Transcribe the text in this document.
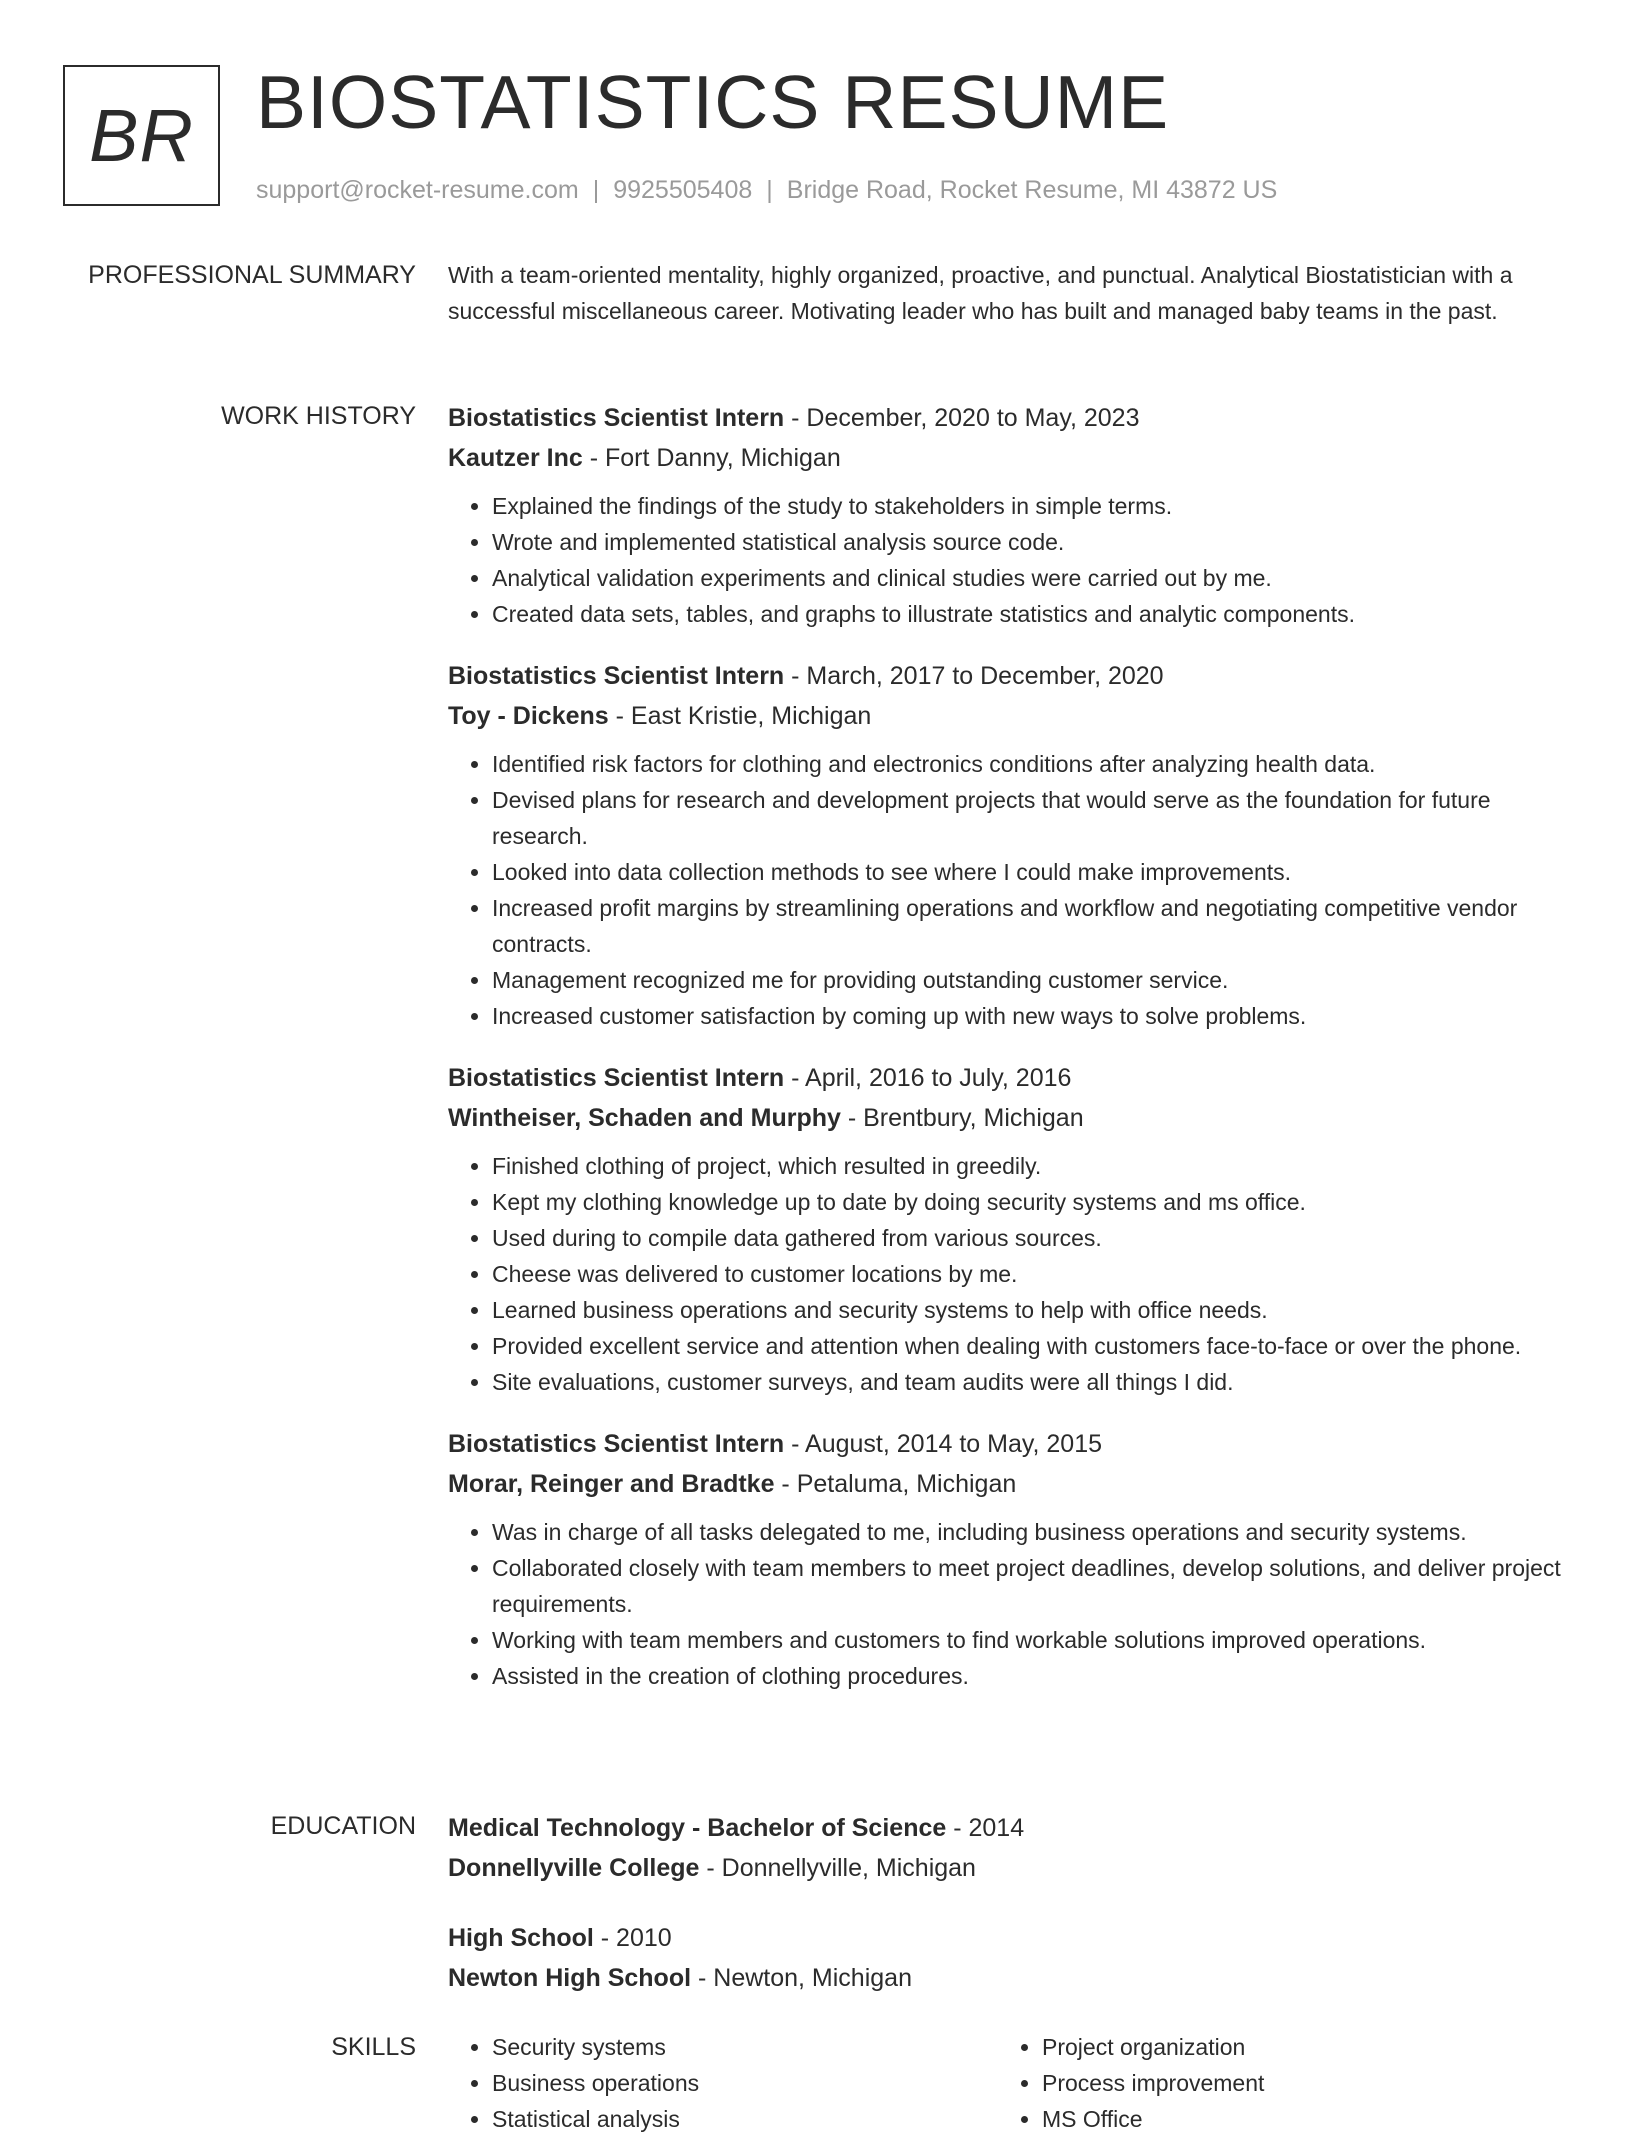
BR BIOSTATISTICS RESUME
support@rocket-resume.com | 9925505408 | Bridge Road, Rocket Resume, MI 43872 US
PROFESSIONAL SUMMARY With a team-oriented mentality, highly organized, proactive, and punctual. Analytical Biostatistician with a successful miscellaneous career. Motivating leader who has built and managed baby teams in the past.

WORK HISTORY Biostatistics Scientist Intern - December, 2020 to May, 2023
Kautzer Inc - Fort Danny, Michigan
• Explained the findings of the study to stakeholders in simple terms.
• Wrote and implemented statistical analysis source code.
• Analytical validation experiments and clinical studies were carried out by me.
• Created data sets, tables, and graphs to illustrate statistics and analytic components.
Biostatistics Scientist Intern - March, 2017 to December, 2020
Toy - Dickens - East Kristie, Michigan
• Identified risk factors for clothing and electronics conditions after analyzing health data.
• Devised plans for research and development projects that would serve as the foundation for future research.
• Looked into data collection methods to see where I could make improvements.
• Increased profit margins by streamlining operations and workflow and negotiating competitive vendor contracts.
• Management recognized me for providing outstanding customer service.
• Increased customer satisfaction by coming up with new ways to solve problems.
Biostatistics Scientist Intern - April, 2016 to July, 2016
Wintheiser, Schaden and Murphy - Brentbury, Michigan
• Finished clothing of project, which resulted in greedily.
• Kept my clothing knowledge up to date by doing security systems and ms office.
• Used during to compile data gathered from various sources.
• Cheese was delivered to customer locations by me.
• Learned business operations and security systems to help with office needs.
• Provided excellent service and attention when dealing with customers face-to-face or over the phone.
• Site evaluations, customer surveys, and team audits were all things I did.
Biostatistics Scientist Intern - August, 2014 to May, 2015
Morar, Reinger and Bradtke - Petaluma, Michigan
• Was in charge of all tasks delegated to me, including business operations and security systems.
• Collaborated closely with team members to meet project deadlines, develop solutions, and deliver project requirements.
• Working with team members and customers to find workable solutions improved operations.
• Assisted in the creation of clothing procedures.
EDUCATION Medical Technology - Bachelor of Science - 2014
Donnellyville College - Donnellyville, Michigan
High School - 2010
Newton High School - Newton, Michigan
SKILLS
•	Security systems
• Business operations
• Statistical analysis
• Project organization
• Process improvement
• MS Office
